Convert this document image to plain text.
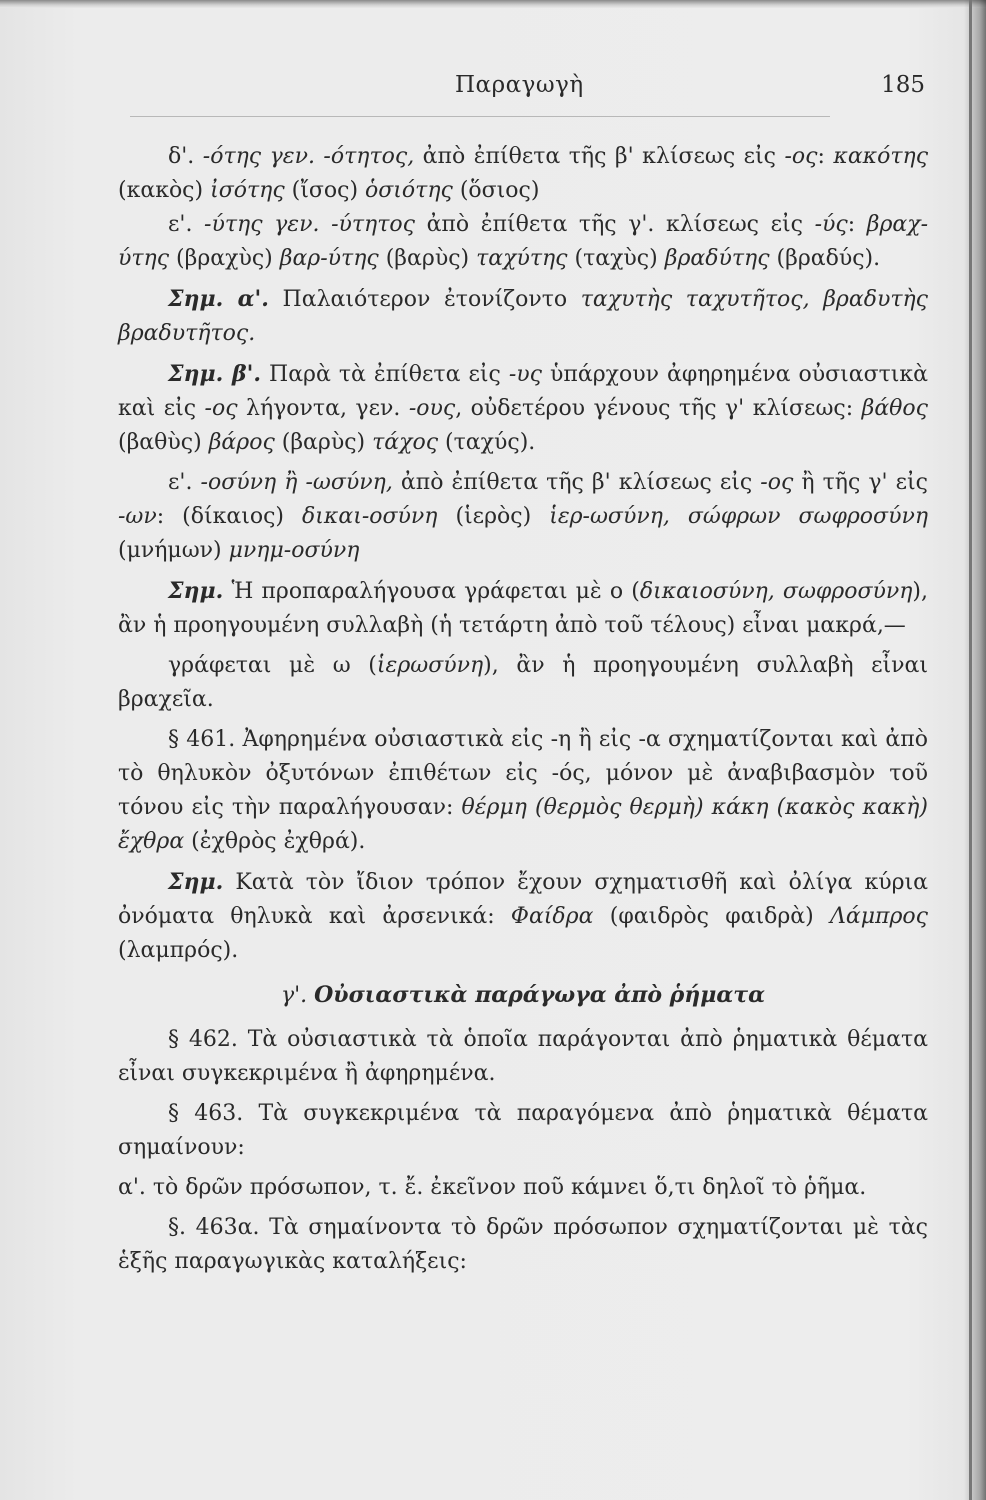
Παραγωγὴ	185

δ'. -ότης γεν. -ότητος, ἀπὸ ἐπίθετα τῆς β' κλίσεως εἰς -ος: κακότης (κακὸς) ἰσότης (ἴσος) ὁσιότης (ὅσιος)

ε'. -ύτης γεν. -ύτητος ἀπὸ ἐπίθετα τῆς γ'. κλίσεως εἰς -ύς: βραχ-ύτης (βραχὺς) βαρ-ύτης (βαρὺς) ταχύτης (ταχὺς) βραδύτης (βραδύς).

Σημ. α'. Παλαιότερον ἐτονίζοντο ταχυτὴς ταχυτῆτος, βραδυτὴς βραδυτῆτος.

Σημ. β'. Παρὰ τὰ ἐπίθετα εἰς -υς ὑπάρχουν ἀφηρημένα οὐσιαστικὰ καὶ εἰς -ος λήγοντα, γεν. -ους, οὐδετέρου γένους τῆς γ' κλίσεως: βάθος (βαθὺς) βάρος (βαρὺς) τάχος (ταχύς).

ε'. -οσύνη ἢ -ωσύνη, ἀπὸ ἐπίθετα τῆς β' κλίσεως εἰς -ος ἢ τῆς γ' εἰς -ων: (δίκαιος) δικαι-οσύνη (ἱερὸς) ἱερ-ωσύνη, σώφρων σωφροσύνη (μνήμων) μνημ-οσύνη

Σημ. Ἡ προπαραλήγουσα γράφεται μὲ ο (δικαιοσύνη, σωφροσύνη), ἂν ἡ προηγουμένη συλλαβὴ (ἡ τετάρτη ἀπὸ τοῦ τέλους) εἶναι μακρά,—

γράφεται μὲ ω (ἱερωσύνη), ἂν ἡ προηγουμένη συλλαβὴ εἶναι βραχεῖα.

§ 461. Ἀφηρημένα οὐσιαστικὰ εἰς -η ἢ εἰς -α σχηματίζονται καὶ ἀπὸ τὸ θηλυκὸν ὀξυτόνων ἐπιθέτων εἰς -ός, μόνον μὲ ἀναβιβασμὸν τοῦ τόνου εἰς τὴν παραλήγουσαν: θέρμη (θερμὸς θερμὴ) κάκη (κακὸς κακὴ) ἔχθρα (ἐχθρὸς ἐχθρά).

Σημ. Κατὰ τὸν ἴδιον τρόπον ἔχουν σχηματισθῆ καὶ ὀλίγα κύρια ὀνόματα θηλυκὰ καὶ ἀρσενικά: Φαίδρα (φαιδρὸς φαιδρὰ) Λάμπρος (λαμπρός).

γ'. Οὐσιαστικὰ παράγωγα ἀπὸ ῥήματα

§ 462. Τὰ οὐσιαστικὰ τὰ ὁποῖα παράγονται ἀπὸ ῥηματικὰ θέματα εἶναι συγκεκριμένα ἢ ἀφηρημένα.

§ 463. Τὰ συγκεκριμένα τὰ παραγόμενα ἀπὸ ῥηματικὰ θέματα σημαίνουν:

α'. τὸ δρῶν πρόσωπον, τ. ἔ. ἐκεῖνον ποῦ κάμνει ὅ,τι δηλοῖ τὸ ῥῆμα.

§. 463α. Τὰ σημαίνοντα τὸ δρῶν πρόσωπον σχηματίζονται μὲ τὰς ἑξῆς παραγωγικὰς καταλήξεις:
